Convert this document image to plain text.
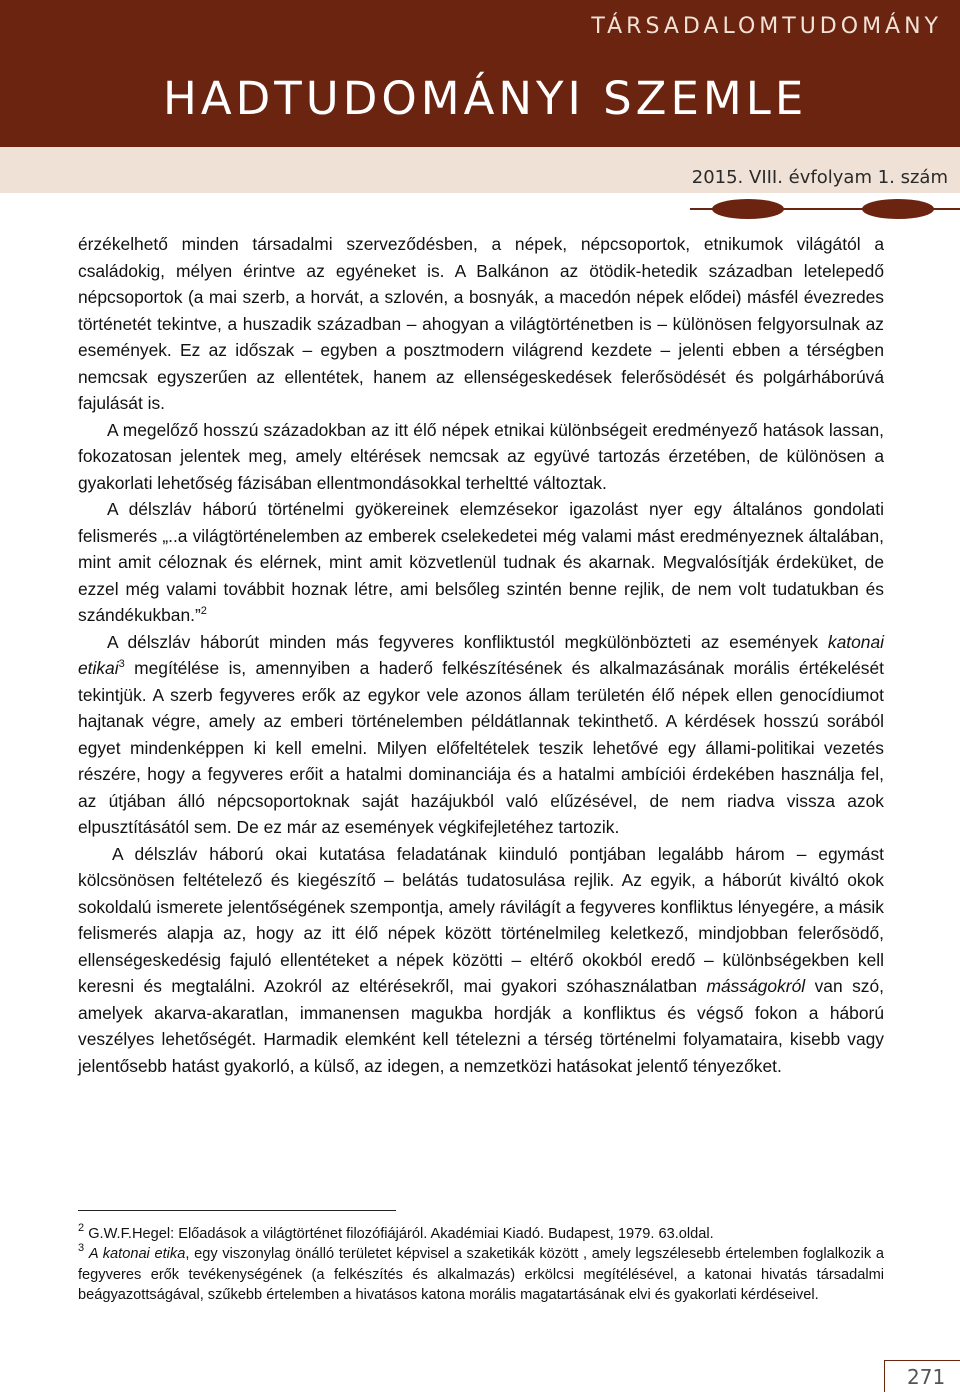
TÁRSADALOMTUDOMÁNY
HADTUDOMÁNYI SZEMLE
2015. VIII. évfolyam 1. szám

érzékelhető minden társadalmi szerveződésben, a népek, népcsoportok, etnikumok világától a családokig, mélyen érintve az egyéneket is. A Balkánon az ötödik-hetedik században letelepedő népcsoportok (a mai szerb, a horvát, a szlovén, a bosnyák, a macedón népek elődei) másfél évezredes történetét tekintve, a huszadik században – ahogyan a világtörténetben is – különösen felgyorsulnak az események. Ez az időszak – egyben a posztmodern világrend kezdete – jelenti ebben a térségben nemcsak egyszerűen az ellentétek, hanem az ellenségeskedések felerősödését és polgárháborúvá fajulását is.

A megelőző hosszú századokban az itt élő népek etnikai különbségeit eredményező hatások lassan, fokozatosan jelentek meg, amely eltérések nemcsak az együvé tartozás érzetében, de különösen a gyakorlati lehetőség fázisában ellentmondásokkal terheltté változtak.

A délszláv háború történelmi gyökereinek elemzésekor igazolást nyer egy általános gondolati felismerés „..a világtörténelemben az emberek cselekedetei még valami mást eredményeznek általában, mint amit céloznak és elérnek, mint amit közvetlenül tudnak és akarnak. Megvalósítják érdeküket, de ezzel még valami továbbit hoznak létre, ami belsőleg szintén benne rejlik, de nem volt tudatukban és szándékukban.”$^2$

A délszláv háborút minden más fegyveres konfliktustól megkülönbözteti az események katonai etikai$^3$ megítélése is, amennyiben a haderő felkészítésének és alkalmazásának morális értékelését tekintjük. A szerb fegyveres erők az egykor vele azonos állam területén élő népek ellen genocídiumot hajtanak végre, amely az emberi történelemben példátlannak tekinthető. A kérdések hosszú sorából egyet mindenképpen ki kell emelni. Milyen előfeltételek teszik lehetővé egy állami-politikai vezetés részére, hogy a fegyveres erőit a hatalmi dominanciája és a hatalmi ambíciói érdekében használja fel, az útjában álló népcsoportoknak saját hazájukból való elűzésével, de nem riadva vissza azok elpusztításától sem. De ez már az események végkifejletéhez tartozik.

A délszláv háború okai kutatása feladatának kiinduló pontjában legalább három – egymást kölcsönösen feltételező és kiegészítő – belátás tudatosulása rejlik. Az egyik, a háborút kiváltó okok sokoldalú ismerete jelentőségének szempontja, amely rávilágít a fegyveres konfliktus lényegére, a másik felismerés alapja az, hogy az itt élő népek között történelmileg keletkező, mindjobban felerősödő, ellenségeskedésig fajuló ellentéteket a népek közötti – eltérő okokból eredő – különbségekben kell keresni és megtalálni. Azokról az eltérésekről, mai gyakori szóhasználatban másságokról van szó, amelyek akarva-akaratlan, immanensen magukba hordják a konfliktus és végső fokon a háború veszélyes lehetőségét. Harmadik elemként kell tételezni a térség történelmi folyamataira, kisebb vagy jelentősebb hatást gyakorló, a külső, az idegen, a nemzetközi hatásokat jelentő tényezőket.

$^2$ G.W.F.Hegel: Előadások a világtörténet filozófiájáról. Akadémiai Kiadó. Budapest, 1979. 63.oldal.

$^3$ A katonai etika, egy viszonylag önálló területet képvisel a szaketikák között , amely legszélesebb értelemben foglalkozik a fegyveres erők tevékenységének (a felkészítés és alkalmazás) erkölcsi megítélésével, a katonai hivatás társadalmi beágyazottságával, szűkebb értelemben a hivatásos katona morális magatartásának elvi és gyakorlati kérdéseivel.

271
